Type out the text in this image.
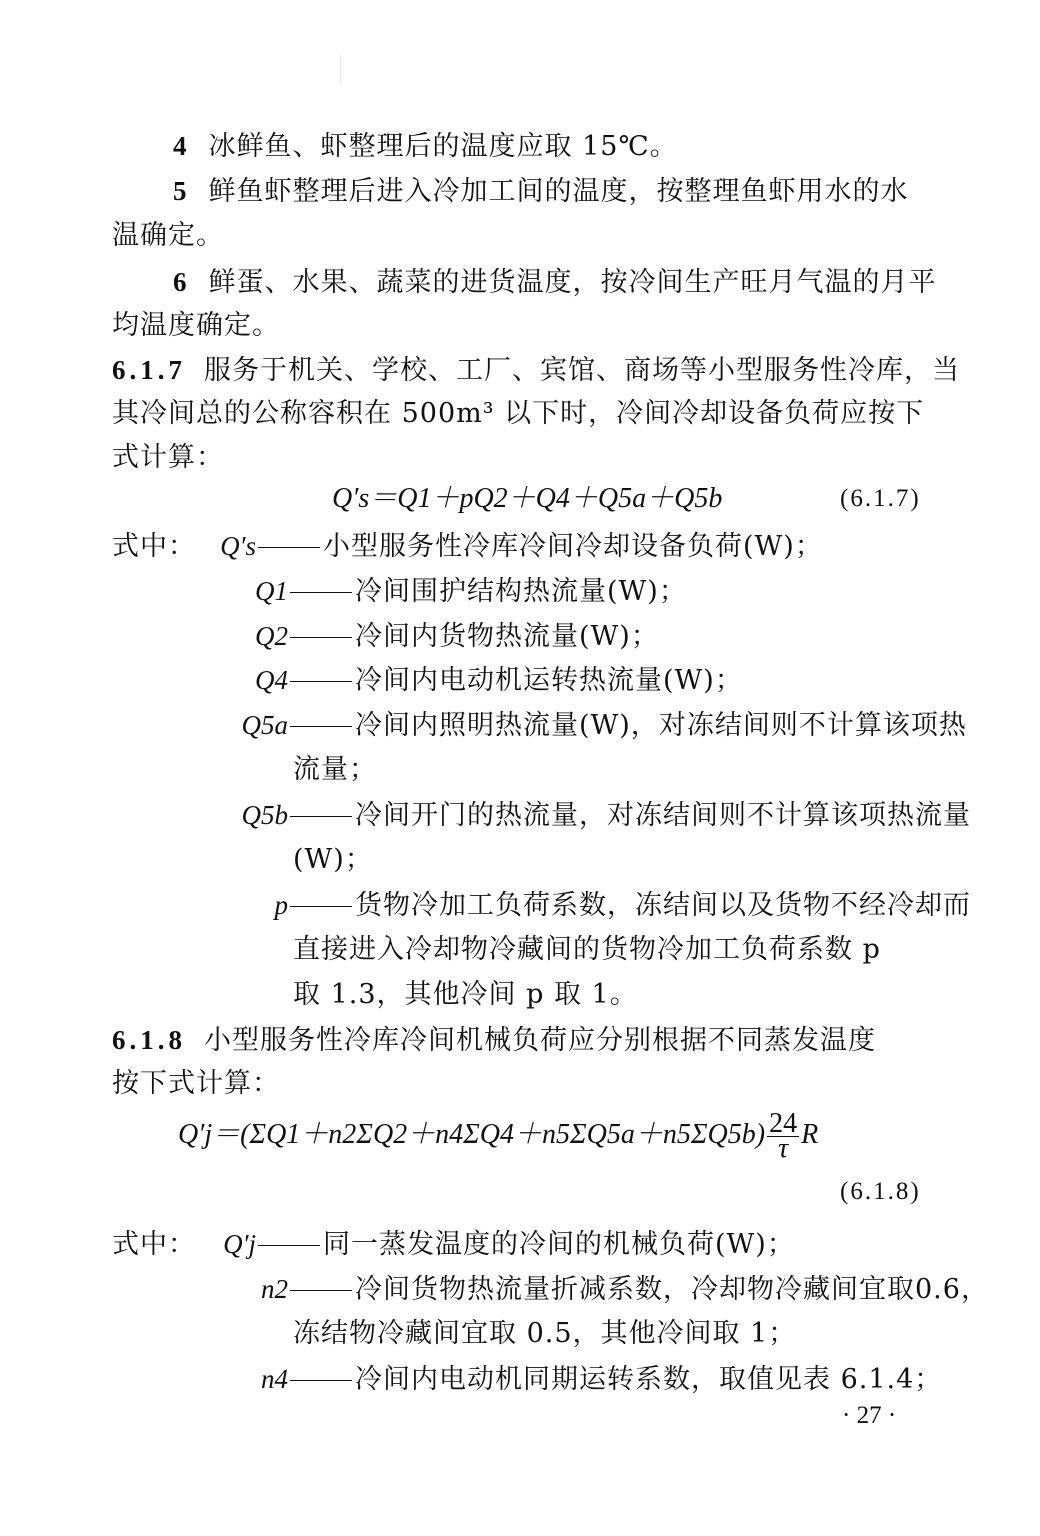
4 冰鲜鱼、虾整理后的温度应取 15℃。
5 鲜鱼虾整理后进入冷加工间的温度，按整理鱼虾用水的水
温确定。
6 鲜蛋、水果、蔬菜的进货温度，按冷间生产旺月气温的月平
均温度确定。
6.1.7 服务于机关、学校、工厂、宾馆、商场等小型服务性冷库，当
其冷间总的公称容积在 500m³ 以下时，冷间冷却设备负荷应按下
式计算：
Q′s＝Q1＋pQ2＋Q4＋Q5a＋Q5b	(6.1.7)
式中： Q′s 小型服务性冷库冷间冷却设备负荷(W)；
Q1 冷间围护结构热流量(W)；
Q2 冷间内货物热流量(W)；
Q4 冷间内电动机运转热流量(W)；
Q5a 冷间内照明热流量(W)，对冻结间则不计算该项热
流量；
Q5b 冷间开门的热流量，对冻结间则不计算该项热流量
(W)；
p 货物冷加工负荷系数，冻结间以及货物不经冷却而
直接进入冷却物冷藏间的货物冷加工负荷系数 p
取 1.3，其他冷间 p 取 1。
6.1.8 小型服务性冷库冷间机械负荷应分别根据不同蒸发温度
按下式计算：
$Q'j=(\Sigma Q1+n2\Sigma Q2+n4\Sigma Q4+n5\Sigma Q5a+n5\Sigma Q5b) \frac{24}{\tau}$ R
(6.1.8)
式中： Q′j 同一蒸发温度的冷间的机械负荷(W)；
n2 冷间货物热流量折减系数，冷却物冷藏间宜取0.6，
冻结物冷藏间宜取 0.5，其他冷间取 1；
n4 冷间内电动机同期运转系数，取值见表 6.1.4；
· 27 ·
